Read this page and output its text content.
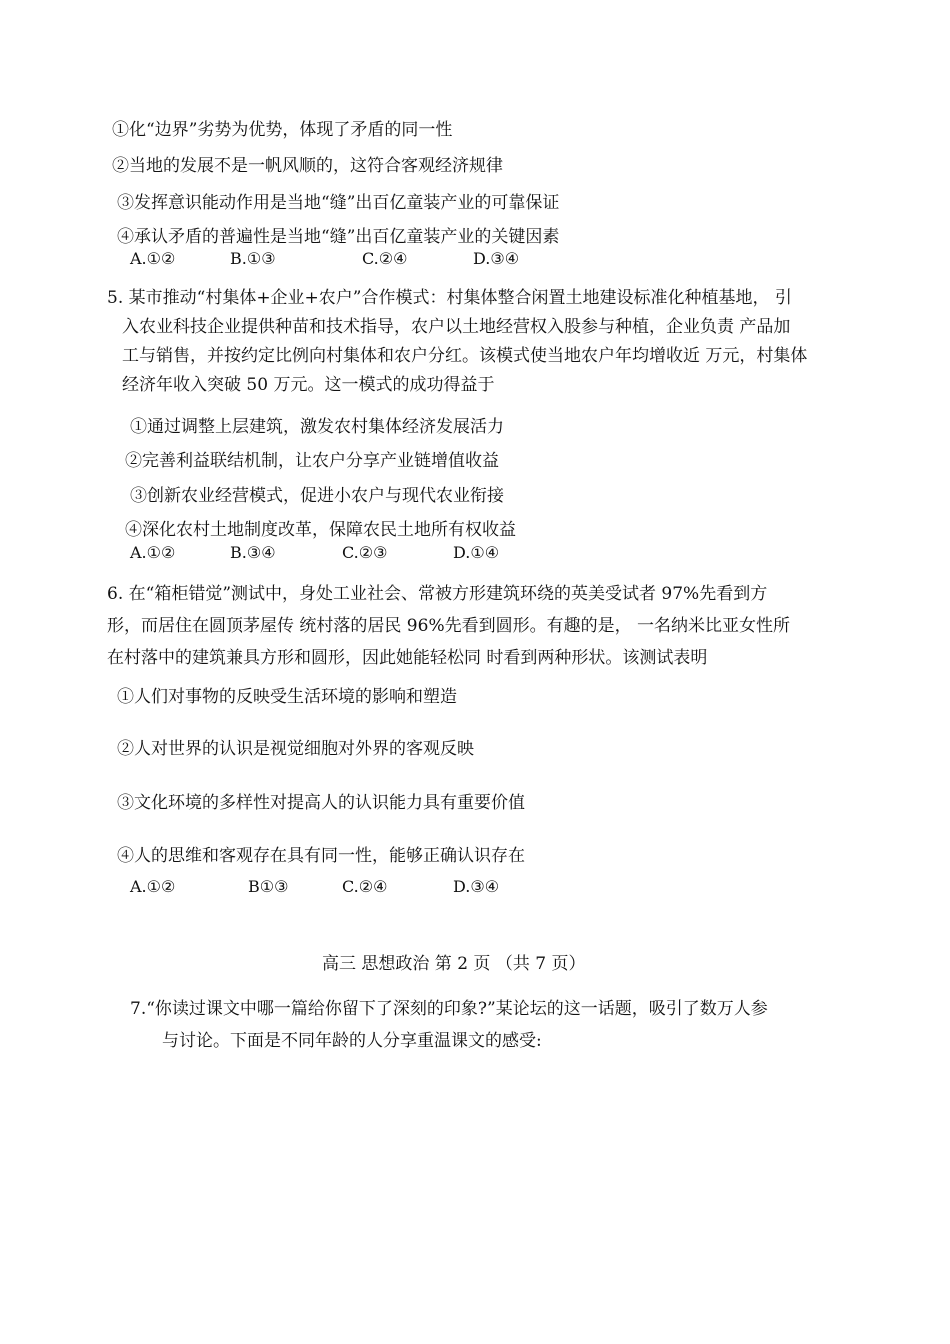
①化“边界”劣势为优势，体现了矛盾的同一性
②当地的发展不是一帆风顺的，这符合客观经济规律
③发挥意识能动作用是当地“缝”出百亿童装产业的可靠保证
④承认矛盾的普遍性是当地“缝”出百亿童装产业的关键因素
A.①②	B.①③	C.②④	D.③④
5. 某市推动“村集体+企业+农户”合作模式：村集体整合闲置土地建设标准化种植基地， 引
入农业科技企业提供种苗和技术指导，农户以土地经营权入股参与种植，企业负责 产品加
工与销售，并按约定比例向村集体和农户分红。该模式使当地农户年均增收近 万元，村集体
经济年收入突破 50 万元。这一模式的成功得益于
①通过调整上层建筑，激发农村集体经济发展活力
②完善利益联结机制，让农户分享产业链增值收益
③创新农业经营模式，促进小农户与现代农业衔接
④深化农村土地制度改革，保障农民土地所有权收益
A.①②	B.③④	C.②③	D.①④
6. 在“箱柜错觉”测试中，身处工业社会、常被方形建筑环绕的英美受试者 97%先看到方
形，而居住在圆顶茅屋传 统村落的居民 96%先看到圆形。有趣的是， 一名纳米比亚女性所
在村落中的建筑兼具方形和圆形，因此她能轻松同 时看到两种形状。该测试表明
①人们对事物的反映受生活环境的影响和塑造
②人对世界的认识是视觉细胞对外界的客观反映
③文化环境的多样性对提高人的认识能力具有重要价值
④人的思维和客观存在具有同一性，能够正确认识存在
A.①②	B①③	C.②④	D.③④
高三 思想政治 第 2 页 （共 7 页）
7.“你读过课文中哪一篇给你留下了深刻的印象?”某论坛的这一话题，吸引了数万人参
与讨论。下面是不同年龄的人分享重温课文的感受:
